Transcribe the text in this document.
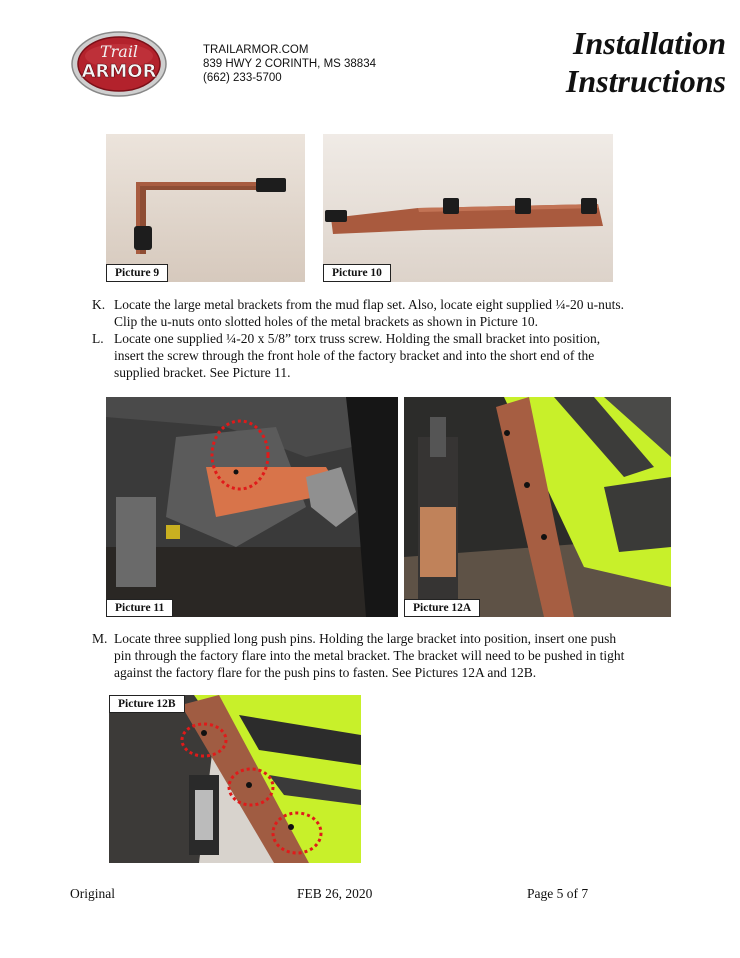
Trail
ARMOR
TRAILARMOR.COM
839 HWY 2 CORINTH, MS 38834
(662) 233-5700
Installation
Instructions
Picture 9	Picture 10
K. Locate the large metal brackets from the mud flap set. Also, locate eight supplied ¼-20 u-nuts.
Clip the u-nuts onto slotted holes of the metal brackets as shown in Picture 10.
L. Locate one supplied ¼-20 x 5/8” torx truss screw. Holding the small bracket into position,
insert the screw through the front hole of the factory bracket and into the short end of the
supplied bracket. See Picture 11.
Picture 11	Picture 12A
M. Locate three supplied long push pins. Holding the large bracket into position, insert one push
pin through the factory flare into the metal bracket. The bracket will need to be pushed in tight
against the factory flare for the push pins to fasten. See Pictures 12A and 12B.
Picture 12B
Original	FEB 26, 2020	Page 5 of 7
